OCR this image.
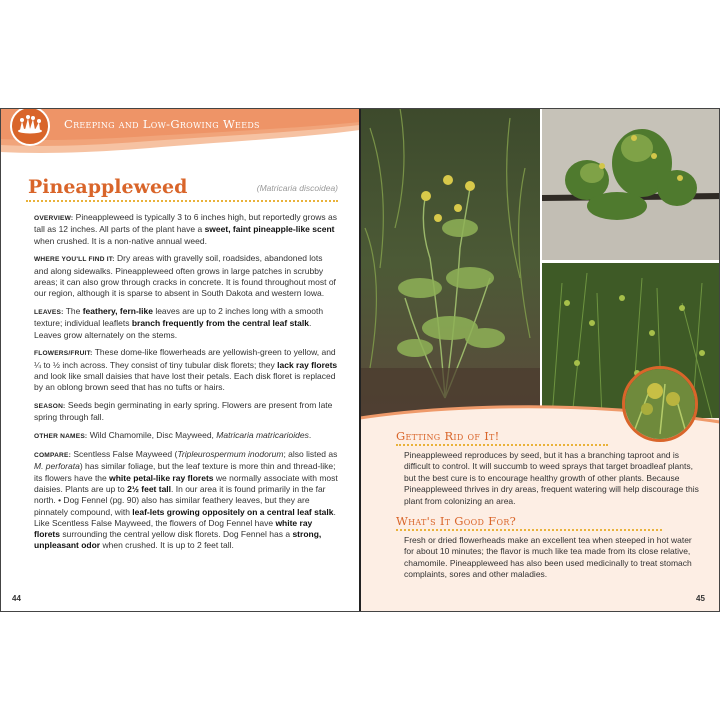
Creeping and Low-Growing Weeds
Pineappleweed	(Matricaria discoidea)

OVERVIEW: Pineappleweed is typically 3 to 6 inches high, but reportedly grows as tall as 12 inches. All parts of the plant have a sweet, faint pineapple-like scent when crushed. It is a non-native annual weed.

WHERE YOU'LL FIND IT: Dry areas with gravelly soil, roadsides, abandoned lots and along sidewalks. Pineappleweed often grows in large patches in scrubby areas; it can also grow through cracks in concrete. It is found throughout most of our region, although it is sparse to absent in South Dakota and western Iowa.

LEAVES: The feathery, fern-like leaves are up to 2 inches long with a smooth texture; individual leaflets branch frequently from the central leaf stalk. Leaves grow alternately on the stems.

FLOWERS/FRUIT: These dome-like flowerheads are yellowish-green to yellow, and ¼ to ½ inch across. They consist of tiny tubular disk florets; they lack ray florets and look like small daisies that have lost their petals. Each disk floret is replaced by an oblong brown seed that has no tufts or hairs.

SEASON: Seeds begin germinating in early spring. Flowers are present from late spring through fall.

OTHER NAMES: Wild Chamomile, Disc Mayweed, Matricaria matricarioides.

COMPARE: Scentless False Mayweed (Tripleurospermum inodorum; also listed as M. perforata) has similar foliage, but the leaf texture is more thin and thread-like; its flowers have the white petal-like ray florets we normally associate with most daisies. Plants are up to 2½ feet tall. In our area it is found primarily in the far north. • Dog Fennel (pg. 90) also has similar feathery leaves, but they are pinnately compound, with leaf-lets growing oppositely on a central leaf stalk. Like Scentless False Mayweed, the flowers of Dog Fennel have white ray florets surrounding the central yellow disk florets. Dog Fennel has a strong, unpleasant odor when crushed. It is up to 2 feet tall.

44
Getting Rid of It!
Pineappleweed reproduces by seed, but it has a branching taproot and is difficult to control. It will succumb to weed sprays that target broadleaf plants, but the best cure is to encourage healthy growth of other plants. Because Pineappleweed thrives in dry areas, frequent watering will help discourage this plant from colonizing an area.
What's It Good For?
Fresh or dried flowerheads make an excellent tea when steeped in hot water for about 10 minutes; the flavor is much like tea made from its close relative, chamomile. Pineappleweed has also been used medicinally to treat stomach complaints, sores and other maladies.
45
